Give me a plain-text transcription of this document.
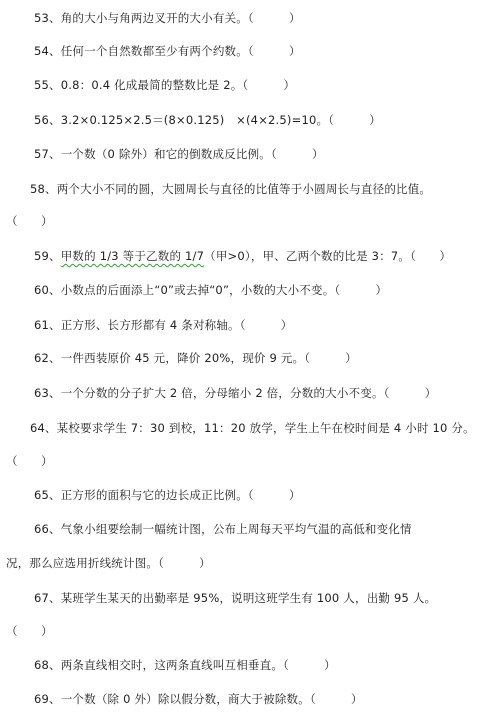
53、角的大小与角两边叉开的大小有关。（　　　）
54、任何一个自然数都至少有两个约数。（　　　）
55、0.8：0.4 化成最简的整数比是 2。（　　　）
56、3.2×0.125×2.5＝(8×0.125)　×(4×2.5)=10。（　　　）
57、一个数（0 除外）和它的倒数成反比例。（　　　）
58、两个大小不同的圆，大圆周长与直径的比值等于小圆周长与直径的比值。
（　　）
59、甲数的 1/3 等于乙数的 1/7（甲>0），甲、乙两个数的比是 3：7。（　　）
60、小数点的后面添上“0”或去掉“0”，小数的大小不变。（　　　）
61、正方形、长方形都有 4 条对称轴。（　　　）
62、一件西装原价 45 元，降价 20%，现价 9 元。（　　　）
63、一个分数的分子扩大 2 倍，分母缩小 2 倍，分数的大小不变。（　　　）
64、某校要求学生 7：30 到校，11：20 放学，学生上午在校时间是 4 小时 10 分。
（　　）
65、正方形的面积与它的边长成正比例。（　　　）
66、气象小组要绘制一幅统计图，公布上周每天平均气温的高低和变化情
况，那么应选用折线统计图。（　　　）
67、某班学生某天的出勤率是 95%，说明这班学生有 100 人，出勤 95 人。
（　　）
68、两条直线相交时，这两条直线叫互相垂直。（　　　）
69、一个数（除 0 外）除以假分数，商大于被除数。（　　　）
